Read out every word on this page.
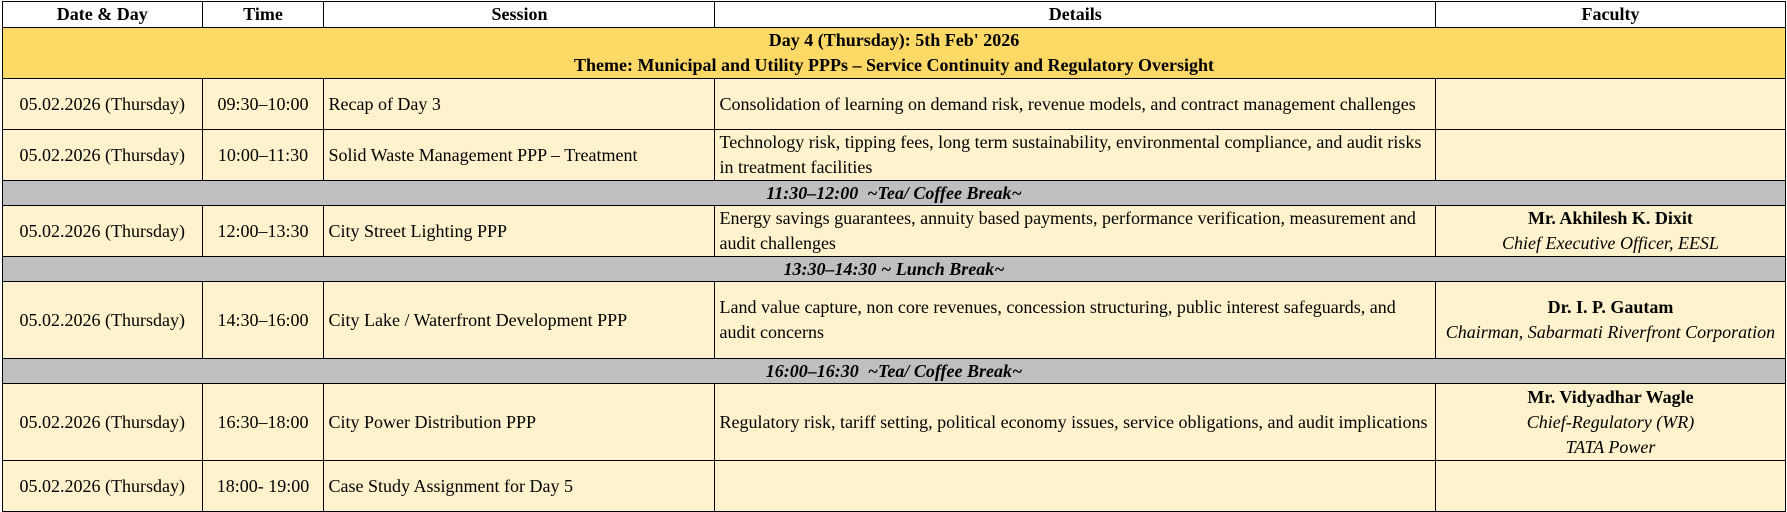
Date & Day	Time	Session	Details	Faculty

Day 4 (Thursday): 5th Feb' 2026
Theme: Municipal and Utility PPPs – Service Continuity and Regulatory Oversight				

05.02.2026 (Thursday)	09:30–10:00	Recap of Day 3	Consolidation of learning on demand risk, revenue models, and contract management challenges	
05.02.2026 (Thursday)	10:00–11:30	Solid Waste Management PPP – Treatment	Technology risk, tipping fees, long term sustainability, environmental compliance, and audit risks in treatment facilities	
11:30–12:00  ~Tea/ Coffee Break~				
05.02.2026 (Thursday)	12:00–13:30	City Street Lighting PPP	Energy savings guarantees, annuity based payments, performance verification, measurement and audit challenges	Mr. Akhilesh K. Dixit
Chief Executive Officer, EESL

13:30–14:30 ~ Lunch Break~				
05.02.2026 (Thursday)	14:30–16:00	City Lake / Waterfront Development PPP	Land value capture, non core revenues, concession structuring, public interest safeguards, and audit concerns	Dr. I. P. Gautam
Chairman, Sabarmati Riverfront Corporation

16:00–16:30  ~Tea/ Coffee Break~				
05.02.2026 (Thursday)	16:30–18:00	City Power Distribution PPP	Regulatory risk, tariff setting, political economy issues, service obligations, and audit implications	Mr. Vidyadhar Wagle
Chief-Regulatory (WR)
TATA Power

05.02.2026 (Thursday)	18:00- 19:00	Case Study Assignment for Day 5		
